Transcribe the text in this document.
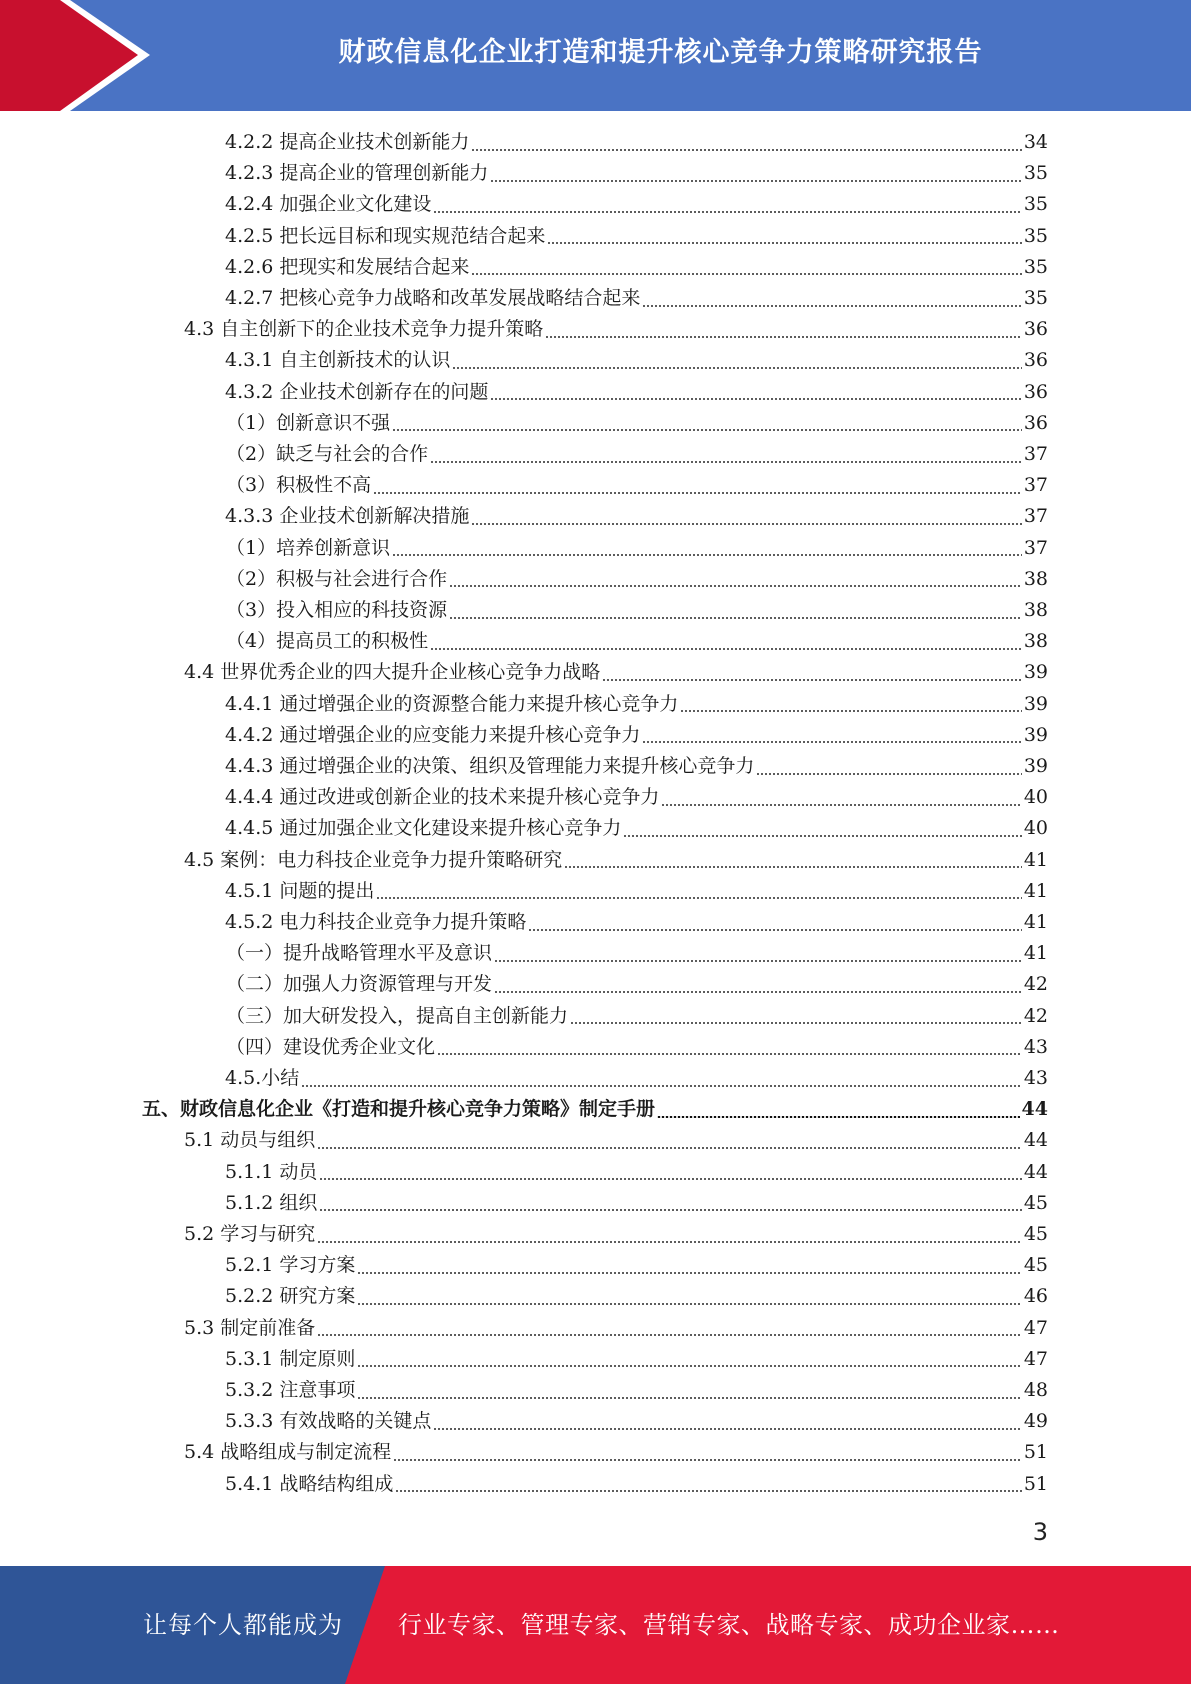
财政信息化企业打造和提升核心竞争力策略研究报告
4.2.2 提高企业技术创新能力	34
4.2.3 提高企业的管理创新能力	35
4.2.4 加强企业文化建设	35
4.2.5 把长远目标和现实规范结合起来	35
4.2.6 把现实和发展结合起来	35
4.2.7 把核心竞争力战略和改革发展战略结合起来	35
4.3 自主创新下的企业技术竞争力提升策略	36
4.3.1 自主创新技术的认识	36
4.3.2 企业技术创新存在的问题	36
（1）创新意识不强	36
（2）缺乏与社会的合作	37
（3）积极性不高	37
4.3.3 企业技术创新解决措施	37
（1）培养创新意识	37
（2）积极与社会进行合作	38
（3）投入相应的科技资源	38
（4）提高员工的积极性	38
4.4 世界优秀企业的四大提升企业核心竞争力战略	39
4.4.1 通过增强企业的资源整合能力来提升核心竞争力	39
4.4.2 通过增强企业的应变能力来提升核心竞争力	39
4.4.3 通过增强企业的决策、组织及管理能力来提升核心竞争力	39
4.4.4 通过改进或创新企业的技术来提升核心竞争力	40
4.4.5 通过加强企业文化建设来提升核心竞争力	40
4.5 案例：电力科技企业竞争力提升策略研究	41
4.5.1 问题的提出	41
4.5.2 电力科技企业竞争力提升策略	41
（一）提升战略管理水平及意识	41
（二）加强人力资源管理与开发	42
（三）加大研发投入，提高自主创新能力	42
（四）建设优秀企业文化	43
4.5.小结	43
五、财政信息化企业《打造和提升核心竞争力策略》制定手册	44
5.1 动员与组织	44
5.1.1 动员	44
5.1.2 组织	45
5.2 学习与研究	45
5.2.1 学习方案	45
5.2.2 研究方案	46
5.3 制定前准备	47
5.3.1 制定原则	47
5.3.2 注意事项	48
5.3.3 有效战略的关键点	49
5.4 战略组成与制定流程	51
5.4.1 战略结构组成	51
3
让每个人都能成为 行业专家、管理专家、营销专家、战略专家、成功企业家……
